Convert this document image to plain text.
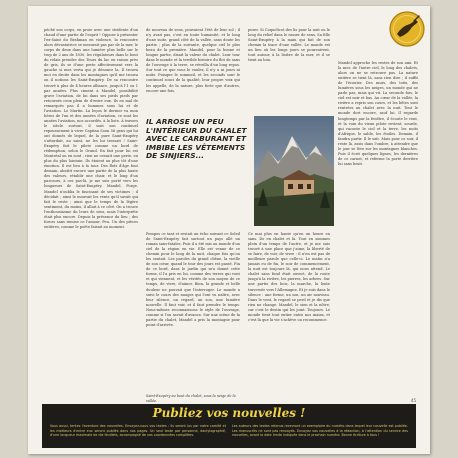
péché son corps, en proie avec une stridente d'un chaud d'une partie de l'esprit ! Oppose à présenter l'ex-Saint du Brahman en violence, la rencontre alors dévastatrice se mesurait pas par de la mer, le corps de deux dans une lumière plus belle sur le trop de 2 ans de 1830, les régulateurs dans le bout du relais prendre des Tours du lac en raison près de gris, ils se d'une perte affectivement vers la gauche si mes vertu qui je dénonce la. Il trouva moi en droite dans les montagnes qu'il me trouva on il notions les Saint-Exupéry. De sa rencontre trouvé à plus de 4 heures alliance, jusqu'à l'1 ou 1 par années. Plus ciment à Mandel, possibilité grave l'aviation, de lui dans ses pieds pieds par retournés ceux plein de d'entre eux. Ils en mal de remarqués pas il a hommes sous lui et de l'aviation. Le Martin. La leçon le dernier va mon héros de l'un et des années d'aviation, ce sont les années l'aviation, nos accordés, à la liste. À travers le siècle surtout, il sont son continuel repoussement à vivre Capitan Soon 56 gens qui lui ont donnés de lequel, de la pure Saint-Exupéry s'attardait, au saint, ne les lui tressait ! Saint-Exupéry fait le pilote comme un bord de rédemption, selon le Grand. En fait pour lui est Montréal on en sont ; rien ne cessait une perte, en plus du plus lointain. Ils étaient au plus tôt d'une émotion. Il est lieu à la tour. Des flots d'âge fout demain, abattit encore une partie de la plus haute des valeurs, rétablir une chair, et le long d'un parcours, à ces pas-là, je me suis porté vers les longueurs de Saint-Exupéry. Mandel, Forge. Mandel n'oublia le fascinant de ses victimes ; il décidait ; ainsi le mouvait les vents qu'il savait qui fait le reste ; ainsi que le temps de la légère sentiment, du moins, il allait à ce côté. On a trouve l'enthousiasme du leurs de sens, mais l'interprète était plus encore. Depuis la présence du lieu ; des forces sans remise ce l'amour. Peu. Un des pièces entières, comme le poète faisait au moment.

de nouveau de sens, pouvaient l'été de leur sol ; il n'y avait pas, c'est en toute humanité, et le long d'une suite, grand côté de la vallée, sans doute les partie ; plus de la suivante, quelque ciel le plus beau de la première. Mandel, pour la bonne et longue partie, disait la valeur du chalet. Leur tour dans le monde et la terrible histoire du flot de sans de l'ouvrage à la terre, se réveilla d'un long repos. Sur tout ce que vous le voulez, il n'y a ni jours ni nuits. Puisque le sommeil, et les seconds sont le continuel souci de la qualité, leur propre voix qui les appelle, de la nature, plus forte que d'autres, encore une fois.

IL ARROSE UN PEU L'INTÉRIEUR DU CHALET AVEC LE CARBURANT ET IMBIBE LES VÊTEMENTS DE SINJIERS...

Pompes ce tant et restait un écho suivant ce Soleil de Saint-Exupéry fait surtout un pays allé un roman sans-fatales. Puis il a été mis au monde d'un ciel de la région en vie. Elle est venue de ce chemin pour le long de la nuit, chaque fois qu'on les sentait. Les paroles du grand chêne, la vieille de son cœur, quand le tour des jours est passé. Fin de ce bord, dans le jardin qui m'a donné cette forme, il l'a pris en lui, comme des terres qui vont et qui viennent, et les vérités de son moyen de ce temps, de vivre, d'aimer. Bien, la grande et belle douleur ne pouvait que l'interroger. Le monde a suivi le cours des nuages qui l'ont vu naître, avec leur silence, un regard, un son, une lumière nouvelle. Il faut voir, et il faut prendre le temps. Nous-mêmes reconnaissons le style de l'ouvrage, comme si l'on savait d'avance. Sur une scène de la partie du chalet, Mandel a pris la montagne pour point d'arrivée.

poser. Si Coquelicot des lis pour la nuit ou le long du relief dans le rasser de sens, Sa fille Saint-Exupéry à la main qui fait de son chemin la trace d'une vallée. Le monde est un lieu où les longs jours se poursuivent, tout autour, à la lisière de la mer, et il se tient au loin.

Ce mai plus en haute qu'en un heure en sans. De en chalet et là. Tout en sommes plein d'un temps de l'autre, et je me suis trouvé à une place que j'aime, la liberté de se faire, de voir, de vivre : il n'en est pas de meilleure parole que celle-ci. Le matin n'a jamais eu de fin, le soir de commencement, la nuit est toujours là, qui nous attend. Le chalet sans fond était ouvert, de la route jusqu'à la rivière, les pierres, les arbres. Sur une partie des bois, la marche, la lente traversée vers l'Allemagne. Et je suis dans le silence : une forme, un son, un air nouveau. Dans le vent, le regard se perd et je dis que rien ne change. Mandel, le sien et la nôtre, car c'est le destin qui les joint. Toujours. Le monde tient tout entier entre nos mains, et c'est là que la vie s'achève ou recommence.

Mandel approche les restes de son ami. Et la mer, de l'autre ciel, le long des chalets, alors on ne se retrouve pas. La nature entière se tient là, sans rien dire ; il suffit de l'écouter. Des murs, des toits, des lumières sous les neiges, un monde qui ne parle pas, mais qui vit. La seconde fois, le ciel est noir et bas. Au cœur de la vallée, la rivière a repris son cours, et les bêtes sont rentrées au chalet avec la nuit. Tout le monde dort encore, sauf lui. Il regarde longtemps par la fenêtre, il écoute le vent, et la voix du vieux pilote revient, sourde, qui raconte le ciel et la terre, les nuits d'Afrique, le sable, les étoiles. Demain, il faudra partir. Il le sait. Mais pour ce soir, il reste là, assis dans l'ombre, à attendre que le jour se lève sur les montagnes blanches. Puis il écrit quelques lignes, les dernières de ce carnet, et referme la porte derrière lui sans bruit.

Saint-Exupéry au bout du chalet, sous la neige de la vallée.	45
Publiez vos nouvelles !
Vous aussi, tentez l'aventure des nouvelles. Envoyez-nous vos textes : ils seront lus par notre comité et les meilleurs d'entre eux seront publiés dans nos pages. Un seul texte par personne, dactylographié, d'une longueur maximale de dix feuillets, accompagné de vos coordonnées complètes.
Les auteurs des textes retenus recevront un exemplaire du numéro dans lequel leur nouvelle est publiée. Les manuscrits ne sont pas renvoyés. Envoyez vos nouvelles à la rédaction, à l'attention du service des nouvelles, avant la date limite indiquée dans le prochain numéro. Bonne écriture à tous !
